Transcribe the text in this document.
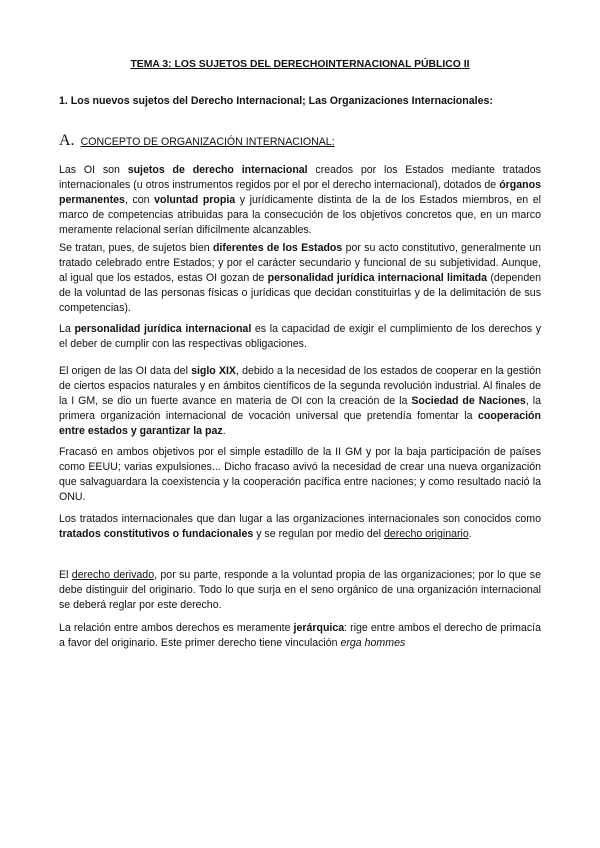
TEMA 3: LOS SUJETOS DEL DERECHOINTERNACIONAL PÚBLICO II
1. Los nuevos sujetos del Derecho Internacional; Las Organizaciones Internacionales:
A. CONCEPTO DE ORGANIZACIÓN INTERNACIONAL:
Las OI son sujetos de derecho internacional creados por los Estados mediante tratados internacionales (u otros instrumentos regidos por el por el derecho internacional), dotados de órganos permanentes, con voluntad propia y jurídicamente distinta de la de los Estados miembros, en el marco de competencias atribuidas para la consecución de los objetivos concretos que, en un marco meramente relacional serían difícilmente alcanzables.
Se tratan, pues, de sujetos bien diferentes de los Estados por su acto constitutivo, generalmente un tratado celebrado entre Estados; y por el carácter secundario y funcional de su subjetividad. Aunque, al igual que los estados, estas OI gozan de personalidad jurídica internacional limitada (dependen de la voluntad de las personas físicas o jurídicas que decidan constituirlas y de la delimitación de sus competencias).
La personalidad jurídica internacional es la capacidad de exigir el cumplimiento de los derechos y el deber de cumplir con las respectivas obligaciones.
El origen de las OI data del siglo XIX, debido a la necesidad de los estados de cooperar en la gestión de ciertos espacios naturales y en ámbitos científicos de la segunda revolución industrial. Al finales de la I GM, se dio un fuerte avance en materia de OI con la creación de la Sociedad de Naciones, la primera organización internacional de vocación universal que pretendía fomentar la cooperación entre estados y garantizar la paz.
Fracasó en ambos objetivos por el simple estadillo de la II GM y por la baja participación de países como EEUU; varias expulsiones... Dicho fracaso avivó la necesidad de crear una nueva organización que salvaguardara la coexistencia y la cooperación pacífica entre naciones; y como resultado nació la ONU.
Los tratados internacionales que dan lugar a las organizaciones internacionales son conocidos como tratados constitutivos o fundacionales y se regulan por medio del derecho originario.
El derecho derivado, por su parte, responde a la voluntad propia de las organizaciones; por lo que se debe distinguir del originario. Todo lo que surja en el seno orgánico de una organización internacional se deberá reglar por este derecho.
La relación entre ambos derechos es meramente jerárquica: rige entre ambos el derecho de primacía a favor del originario. Este primer derecho tiene vinculación erga hommes
